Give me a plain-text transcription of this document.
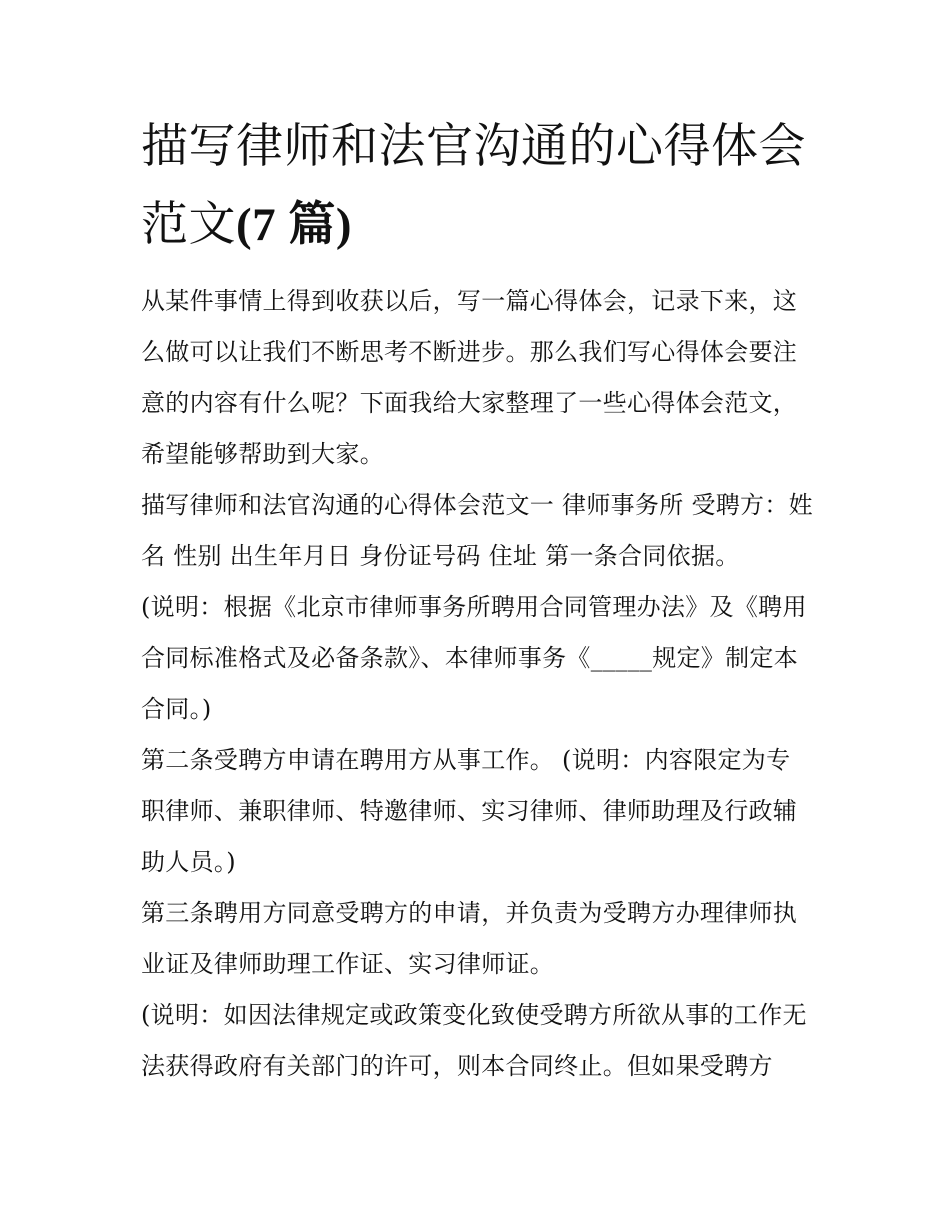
描写律师和法官沟通的心得体会范文(7 篇)

从某件事情上得到收获以后，写一篇心得体会，记录下来，这么做可以让我们不断思考不断进步。那么我们写心得体会要注意的内容有什么呢？下面我给大家整理了一些心得体会范文，希望能够帮助到大家。

描写律师和法官沟通的心得体会范文一 律师事务所 受聘方：姓名 性别 出生年月日 身份证号码 住址 第一条合同依据。

(说明：根据《北京市律师事务所聘用合同管理办法》及《聘用合同标准格式及必备条款》、本律师事务《_____规定》制定本合同。)

第二条受聘方申请在聘用方从事工作。 (说明：内容限定为专职律师、兼职律师、特邀律师、实习律师、律师助理及行政辅助人员。)

第三条聘用方同意受聘方的申请，并负责为受聘方办理律师执业证及律师助理工作证、实习律师证。

(说明：如因法律规定或政策变化致使受聘方所欲从事的工作无法获得政府有关部门的许可，则本合同终止。但如果受聘方
